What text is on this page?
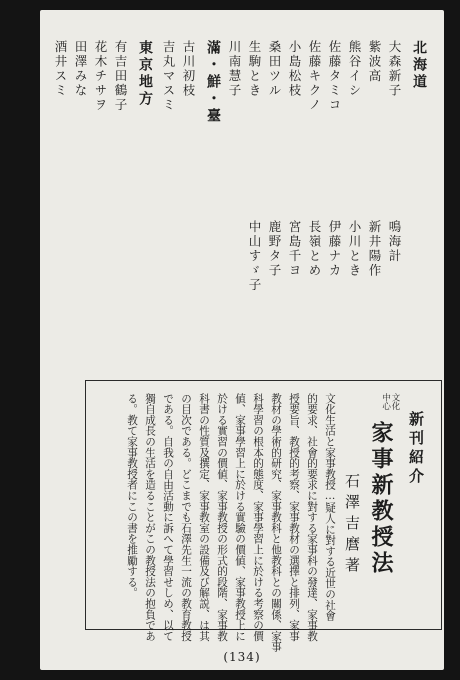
北海道
大森新子
紫波高
熊谷イシ
佐藤タミコ
佐藤キクノ
小島松枝
桑田ツル
生駒とき
川南慧子
滿・鮮・臺
古川初枝
吉丸マスミ
東京地方
有吉田鶴子
花木チサヲ
田澤みな
酒井スミ
鳴海計
新井陽作
小川とき
伊藤ナカ
長嶺とめ
宮島千ヨ
鹿野タ子
中山すゞ子
新刊紹介
文化
中心
家事新教授法
石澤吉麿著
文化生活と家事教授…疑人に對する近世の社會
的要求、社會的要求に對する家事科の發達、家事教
授要旨、教授的考察、家事教材の選擇と排列、家事
教材の學術的研究、家事教科と他教科との關係、家事
科學習の根本的態度、家事學習上に於ける考察の價
値、家事學習上に於ける實驗の價値、家事教授上に
於ける實習の價値、家事教授の形式的段階、家事教
科書の性質及撰定、家事教室の設備及び解説、は其
の目次である。どこまでも石澤先生一流の教育教授
である。自我の自由活動に訴へて學習せしめ、以て
獨自成長の生活を造ることがこの教授法の抱負であ
る。教て家事教授者にこの書を推勵する。
(134)
